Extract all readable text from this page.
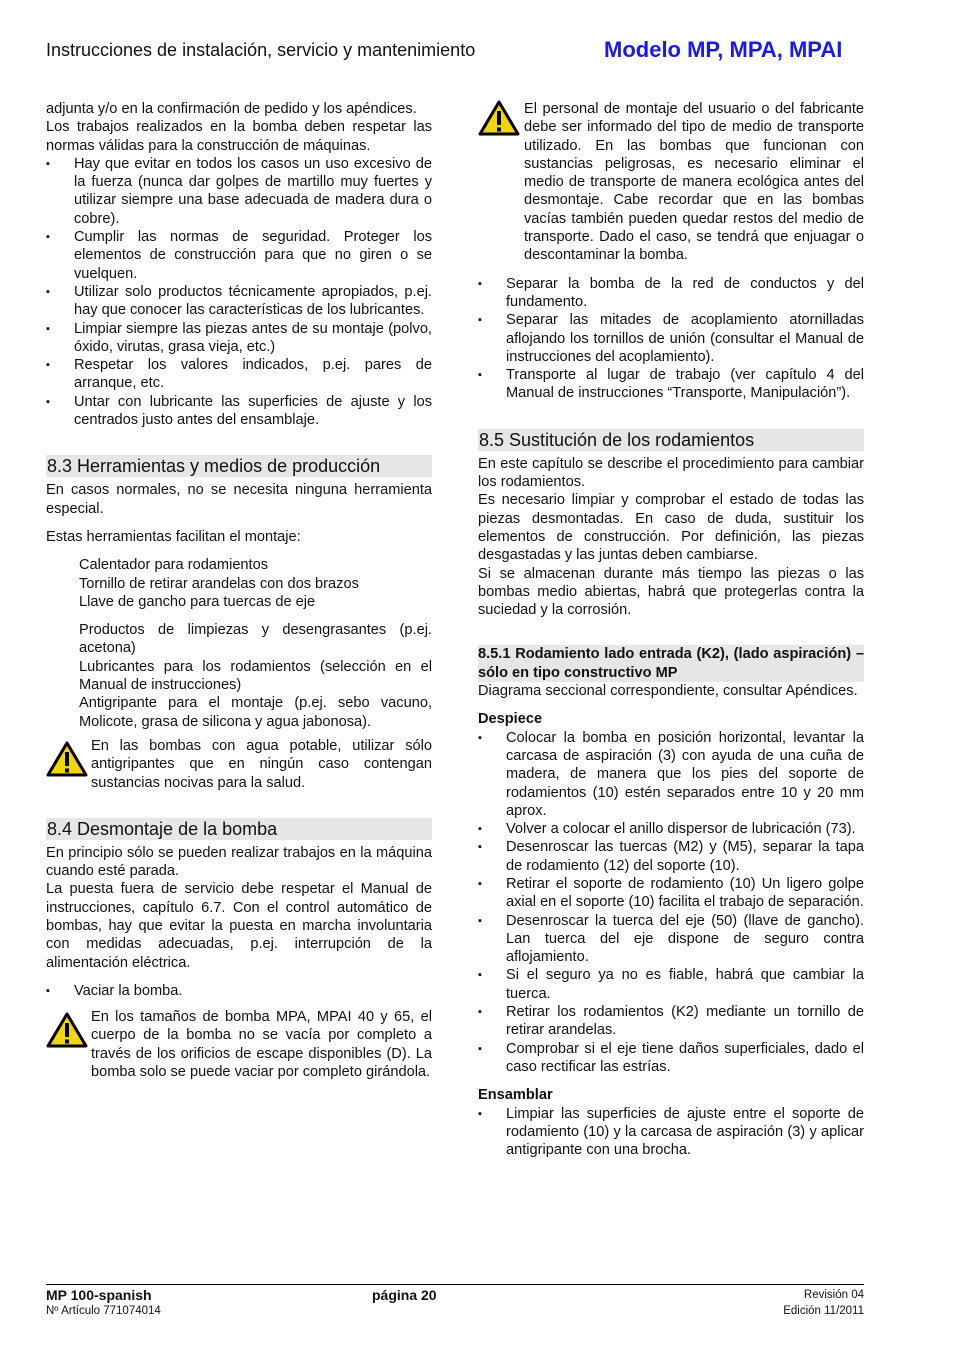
Instrucciones de instalación, servicio y mantenimiento	Modelo MP, MPA, MPAI

adjunta y/o en la confirmación de pedido y los apéndices.

Los trabajos realizados en la bomba deben respetar las normas válidas para la construcción de máquinas.

▪ Hay que evitar en todos los casos un uso excesivo de la fuerza (nunca dar golpes de martillo muy fuertes y utilizar siempre una base adecuada de madera dura o cobre).
▪ Cumplir las normas de seguridad. Proteger los elementos de construcción para que no giren o se vuelquen.
▪ Utilizar solo productos técnicamente apropiados, p.ej. hay que conocer las características de los lubricantes.
▪ Limpiar siempre las piezas antes de su montaje (polvo, óxido, virutas, grasa vieja, etc.)
▪ Respetar los valores indicados, p.ej. pares de arranque, etc.
▪ Untar con lubricante las superficies de ajuste y los centrados justo antes del ensamblaje.
8.3 Herramientas y medios de producción

En casos normales, no se necesita ninguna herramienta especial.

Estas herramientas facilitan el montaje:

Calentador para rodamientos

Tornillo de retirar arandelas con dos brazos

Llave de gancho para tuercas de eje

Productos de limpiezas y desengrasantes (p.ej. acetona)

Lubricantes para los rodamientos (selección en el Manual de instrucciones)

Antigripante para el montaje (p.ej. sebo vacuno, Molicote, grasa de silicona y agua jabonosa).

En las bombas con agua potable, utilizar sólo antigripantes que en ningún caso contengan sustancias nocivas para la salud.
8.4 Desmontaje de la bomba

En principio sólo se pueden realizar trabajos en la máquina cuando esté parada.

La puesta fuera de servicio debe respetar el Manual de instrucciones, capítulo 6.7. Con el control automático de bombas, hay que evitar la puesta en marcha involuntaria con medidas adecuadas, p.ej. interrupción de la alimentación eléctrica.

▪ Vaciar la bomba.
En los tamaños de bomba MPA, MPAI 40 y 65, el cuerpo de la bomba no se vacía por completo a través de los orificios de escape disponibles (D). La bomba solo se puede vaciar por completo girándola.
El personal de montaje del usuario o del fabricante debe ser informado del tipo de medio de transporte utilizado. En las bombas que funcionan con sustancias peligrosas, es necesario eliminar el medio de transporte de manera ecológica antes del desmontaje. Cabe recordar que en las bombas vacías también pueden quedar restos del medio de transporte. Dado el caso, se tendrá que enjuagar o descontaminar la bomba.
▪ Separar la bomba de la red de conductos y del fundamento.
▪ Separar las mitades de acoplamiento atornilladas aflojando los tornillos de unión (consultar el Manual de instrucciones del acoplamiento).
▪ Transporte al lugar de trabajo (ver capítulo 4 del Manual de instrucciones “Transporte, Manipulación”).
8.5 Sustitución de los rodamientos

En este capítulo se describe el procedimiento para cambiar los rodamientos.

Es necesario limpiar y comprobar el estado de todas las piezas desmontadas. En caso de duda, sustituir los elementos de construcción. Por definición, las piezas desgastadas y las juntas deben cambiarse.

Si se almacenan durante más tiempo las piezas o las bombas medio abiertas, habrá que protegerlas contra la suciedad y la corrosión.

8.5.1 Rodamiento lado entrada (K2), (lado aspiración) – sólo en tipo constructivo MP

Diagrama seccional correspondiente, consultar Apéndices.

Despiece

▪ Colocar la bomba en posición horizontal, levantar la carcasa de aspiración (3) con ayuda de una cuña de madera, de manera que los pies del soporte de rodamientos (10) estén separados entre 10 y 20 mm aprox.
▪ Volver a colocar el anillo dispersor de lubricación (73).
▪ Desenroscar las tuercas (M2) y (M5), separar la tapa de rodamiento (12) del soporte (10).
▪ Retirar el soporte de rodamiento (10) Un ligero golpe axial en el soporte (10) facilita el trabajo de separación.
▪ Desenroscar la tuerca del eje (50) (llave de gancho). Lan tuerca del eje dispone de seguro contra aflojamiento.
▪ Si el seguro ya no es fiable, habrá que cambiar la tuerca.
▪ Retirar los rodamientos (K2) mediante un tornillo de retirar arandelas.
▪ Comprobar si el eje tiene daños superficiales, dado el caso rectificar las estrías.

Ensamblar

▪ Limpiar las superficies de ajuste entre el soporte de rodamiento (10) y la carcasa de aspiración (3) y aplicar antigripante con una brocha.
MP 100-spanish
Nº Artículo 771074014
página 20	Revisión 04
Edición 11/2011
